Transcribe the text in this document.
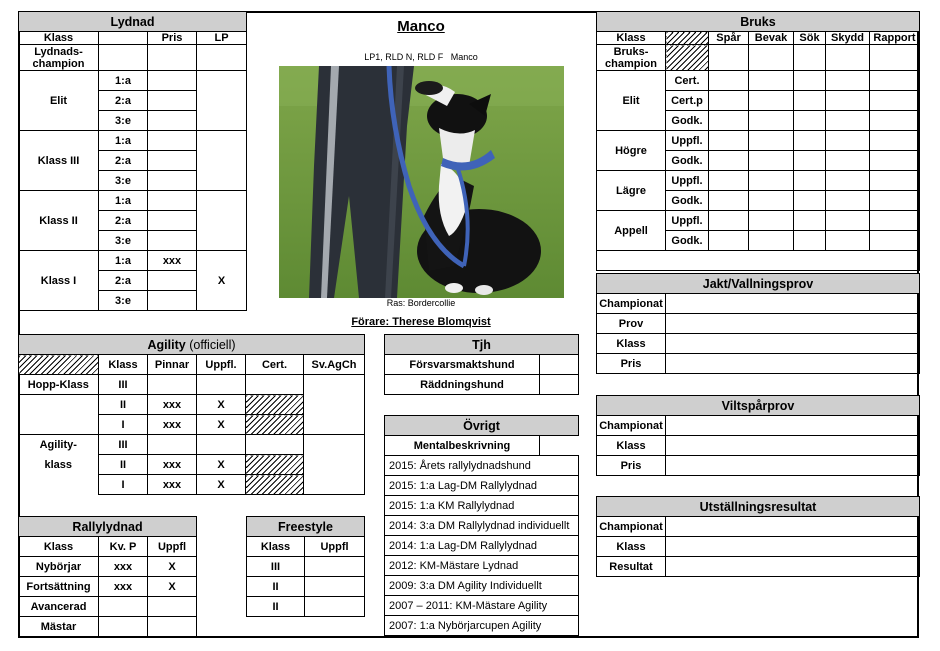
Lydnad			
Klass		Pris	LP
Lydnads-champion			
Elit	1:a		
	2:a		
	3:e		
Klass III	1:a		
	2:a		
	3:e		
Klass II	1:a		
	2:a		
	3:e		
Klass I	1:a	xxx	X
	2:a		
	3:e		
Manco
LP1, RLD N, RLD F   Manco
Ras: Bordercollie
Förare: Therese Blomqvist
Agility (officiell)					
	Klass	Pinnar	Uppfl.	Cert.	Sv.AgCh
Hopp-Klass	III				
	II	xxx	X		
	I	xxx	X		
Agility-	III				
klass	II	xxx	X		
	I	xxx	X		
Rallylydnad		
Klass	Kv. P	Uppfl
Nybörjar	xxx	X
Fortsättning	xxx	X
Avancerad		
Mästar		
Freestyle	
Klass	Uppfl
III	
II	
II	
Tjh	
Försvarsmaktshund	
Räddningshund	
Övrigt
Mentalbeskrivning	
2015: Årets rallylydnadshund
2015: 1:a Lag-DM Rallylydnad
2015: 1:a KM Rallylydnad
2014: 3:a DM Rallylydnad individuellt
2014: 1:a Lag-DM Rallylydnad
2012: KM-Mästare Lydnad
2009: 3:a DM Agility Individuellt
2007 – 2011: KM-Mästare Agility
2007: 1:a Nybörjarcupen Agility
Bruks						
Klass		Spår	Bevak	Sök	Skydd	Rapport
Bruks-champion						
Elit	Cert.					
	Cert.p					
	Godk.					
Högre	Uppfl.					
	Godk.					
Lägre	Uppfl.					
	Godk.					
Appell	Uppfl.					
	Godk.					

Jakt/Vallningsprov	
Championat	
Prov	
Klass	
Pris	
Viltspårprov	
Championat	
Klass	
Pris	
Utställningsresultat	
Championat	
Klass	
Resultat	
